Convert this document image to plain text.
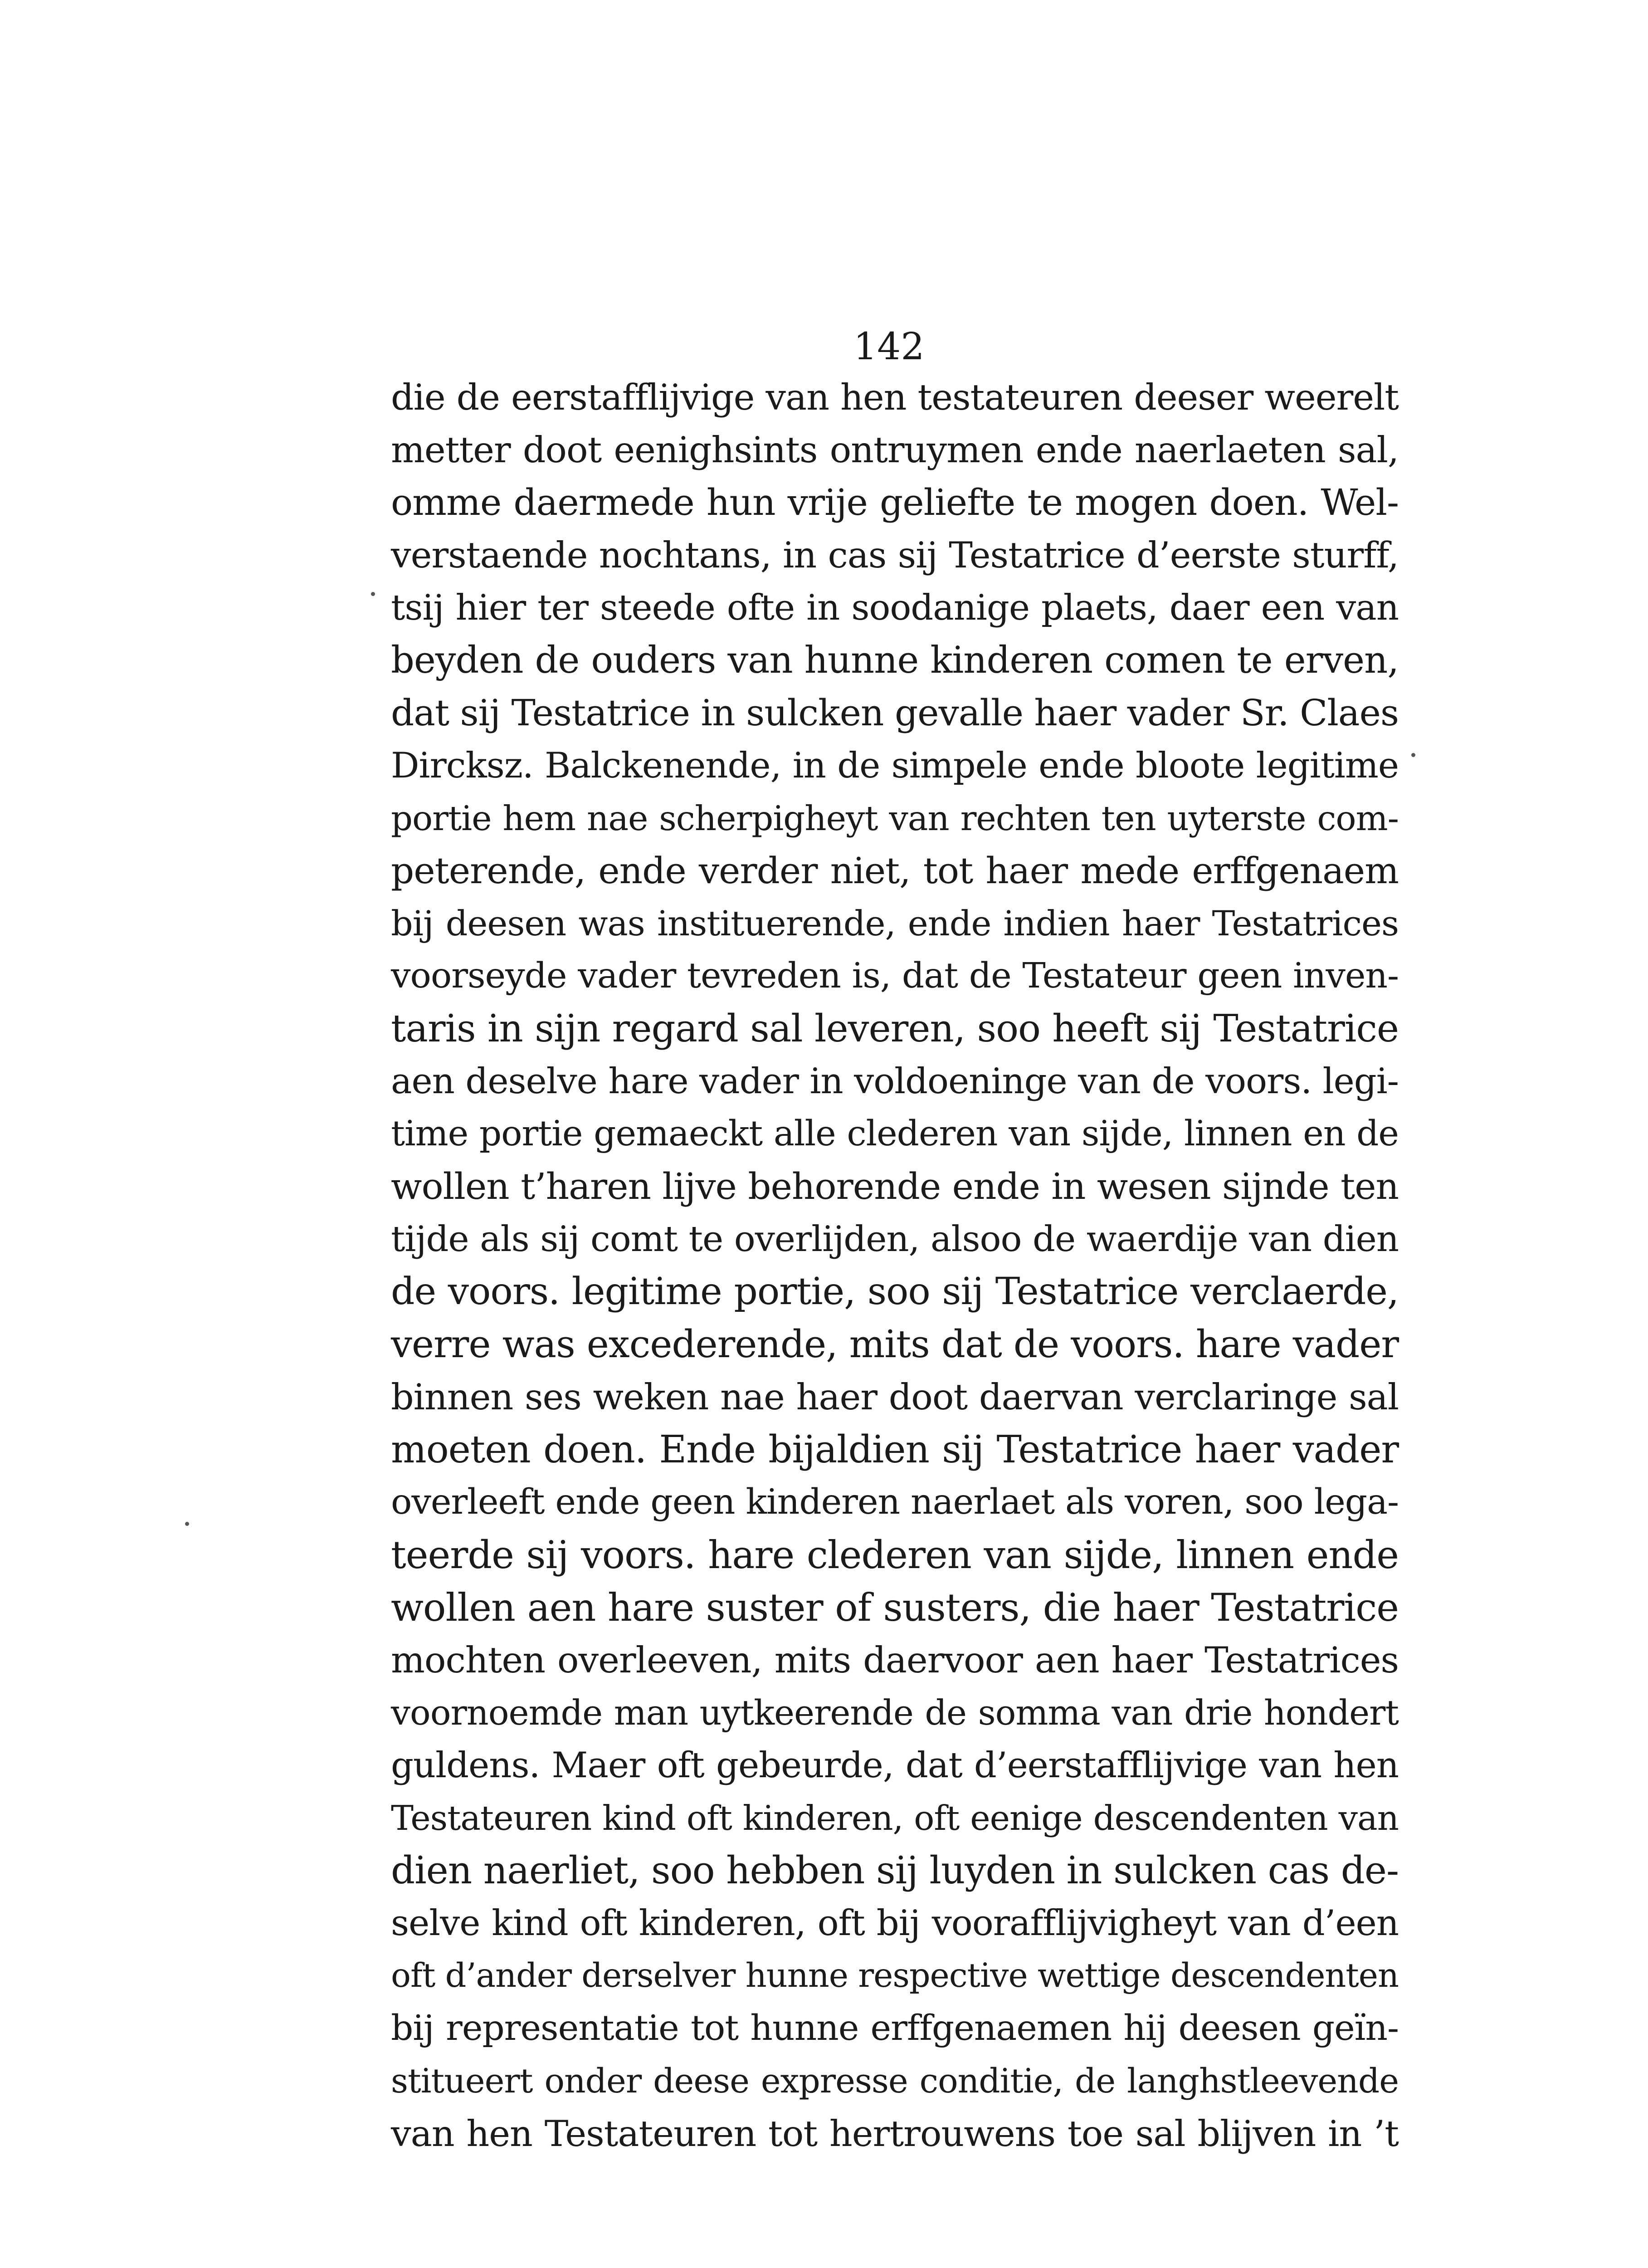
142
die de eerstafflijvige van hen testateuren deeser weerelt
metter doot eenighsints ontruymen ende naerlaeten sal,
omme daermede hun vrije geliefte te mogen doen. Wel-
verstaende nochtans, in cas sij Testatrice d’eerste sturff,
tsij hier ter steede ofte in soodanige plaets, daer een van
beyden de ouders van hunne kinderen comen te erven,
dat sij Testatrice in sulcken gevalle haer vader Sr. Claes
Dircksz. Balckenende, in de simpele ende bloote legitime
portie hem nae scherpigheyt van rechten ten uyterste com-
peterende, ende verder niet, tot haer mede erffgenaem
bij deesen was instituerende, ende indien haer Testatrices
voorseyde vader tevreden is, dat de Testateur geen inven-
taris in sijn regard sal leveren, soo heeft sij Testatrice
aen deselve hare vader in voldoeninge van de voors. legi-
time portie gemaeckt alle clederen van sijde, linnen en de
wollen t’haren lijve behorende ende in wesen sijnde ten
tijde als sij comt te overlijden, alsoo de waerdije van dien
de voors. legitime portie, soo sij Testatrice verclaerde,
verre was excederende, mits dat de voors. hare vader
binnen ses weken nae haer doot daervan verclaringe sal
moeten doen. Ende bijaldien sij Testatrice haer vader
overleeft ende geen kinderen naerlaet als voren, soo lega-
teerde sij voors. hare clederen van sijde, linnen ende
wollen aen hare suster of susters, die haer Testatrice
mochten overleeven, mits daervoor aen haer Testatrices
voornoemde man uytkeerende de somma van drie hondert
guldens. Maer oft gebeurde, dat d’eerstafflijvige van hen
Testateuren kind oft kinderen, oft eenige descendenten van
dien naerliet, soo hebben sij luyden in sulcken cas de-
selve kind oft kinderen, oft bij voorafflijvigheyt van d’een
oft d’ander derselver hunne respective wettige descendenten
bij representatie tot hunne erffgenaemen hij deesen geïn-
stitueert onder deese expresse conditie, de langhstleevende
van hen Testateuren tot hertrouwens toe sal blijven in ’t
